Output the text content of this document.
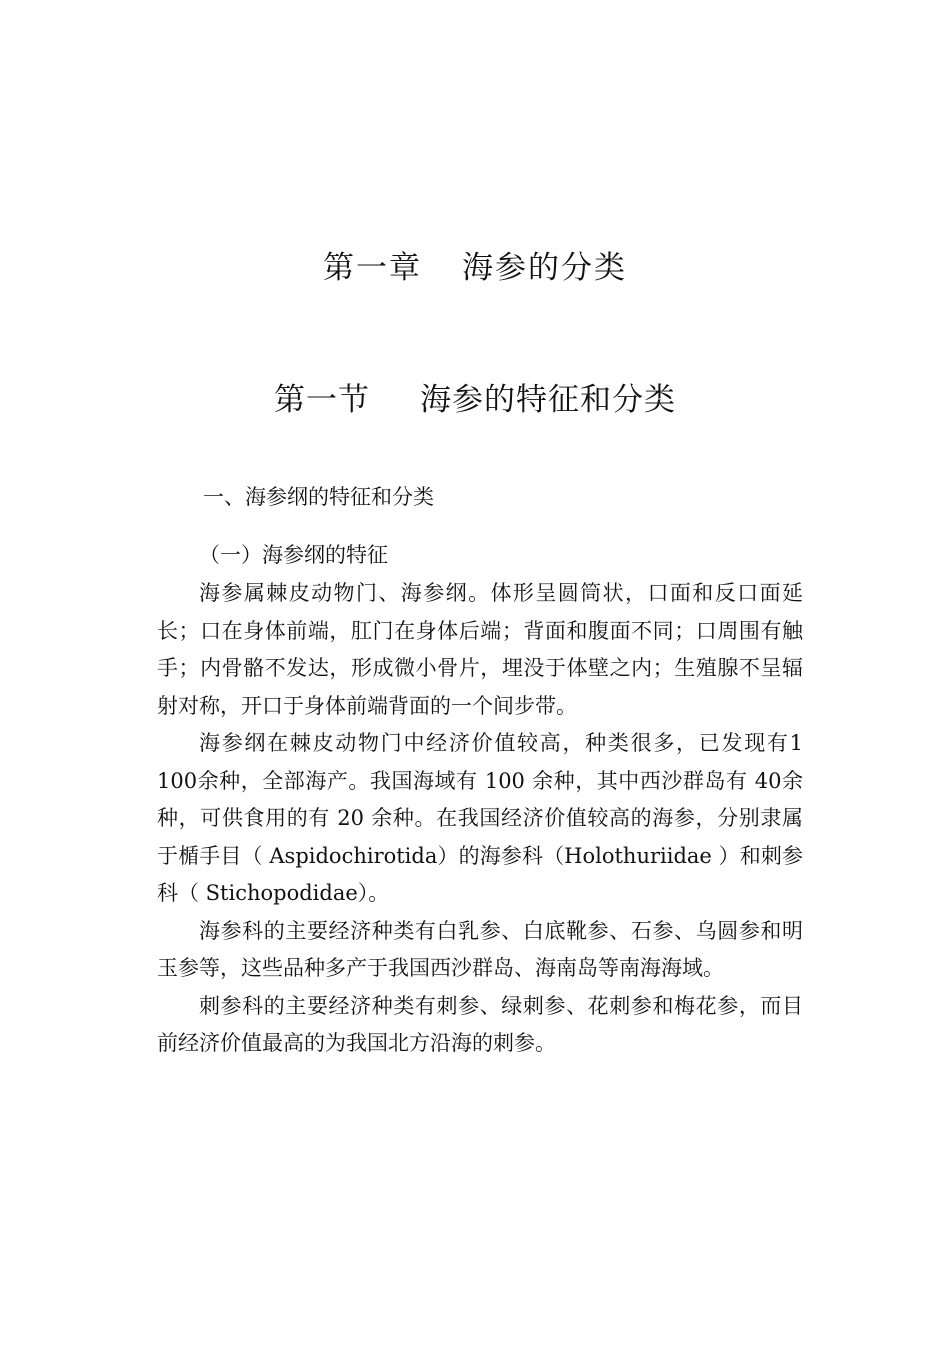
第一章 海参的分类
第一节 海参的特征和分类
一、海参纲的特征和分类
（一）海参纲的特征

海参属棘皮动物门、海参纲。体形呈圆筒状，口面和反口面延长；口在身体前端，肛门在身体后端；背面和腹面不同；口周围有触手；内骨骼不发达，形成微小骨片，埋没于体壁之内；生殖腺不呈辐射对称，开口于身体前端背面的一个间步带。

海参纲在棘皮动物门中经济价值较高，种类很多，已发现有1 100余种，全部海产。我国海域有 100 余种，其中西沙群岛有 40余种，可供食用的有 20 余种。在我国经济价值较高的海参，分别隶属于楯手目（ Aspidochirotida）的海参科（Holothuriidae ）和刺参科（ Stichopodidae）。

海参科的主要经济种类有白乳参、白底靴参、石参、乌圆参和明玉参等，这些品种多产于我国西沙群岛、海南岛等南海海域。

刺参科的主要经济种类有刺参、绿刺参、花刺参和梅花参，而目前经济价值最高的为我国北方沿海的刺参。
